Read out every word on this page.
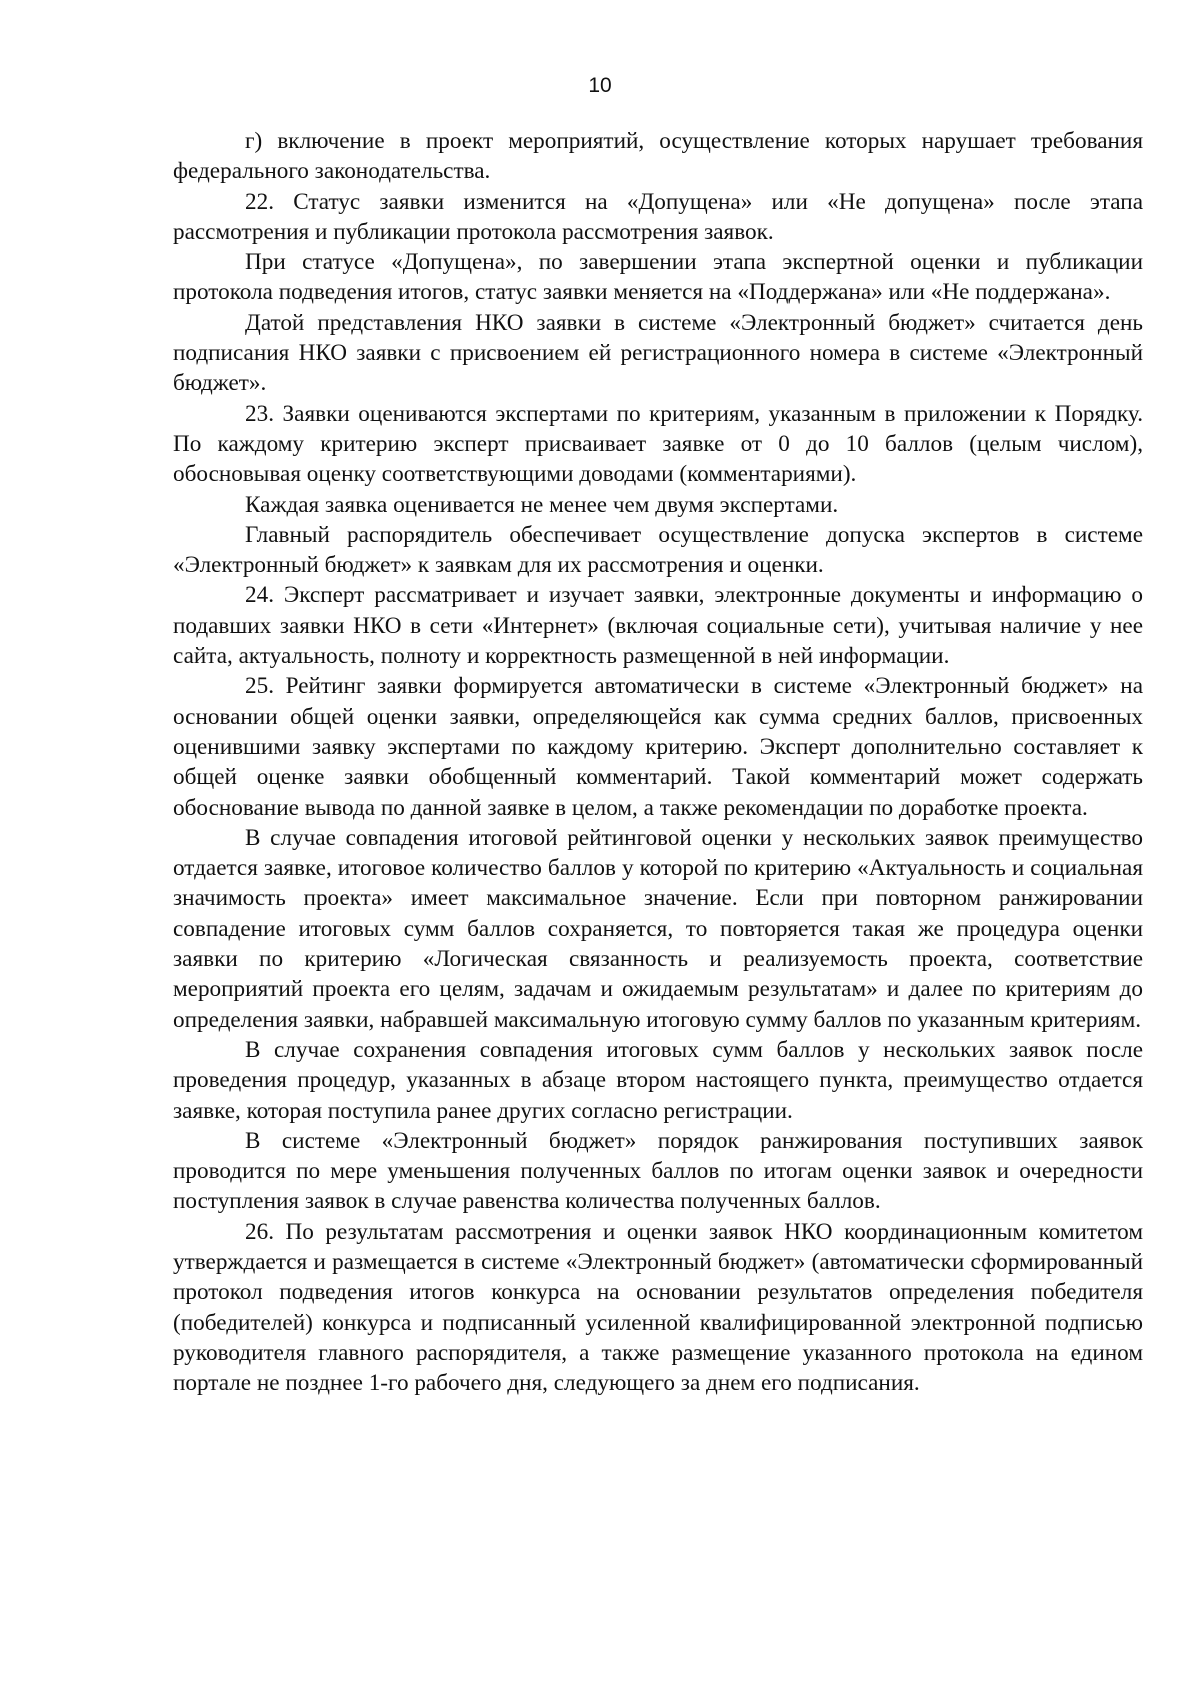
10

г) включение в проект мероприятий, осуществление которых нарушает требования федерального законодательства.

22. Статус заявки изменится на «Допущена» или «Не допущена» после этапа рассмотрения и публикации протокола рассмотрения заявок.

При статусе «Допущена», по завершении этапа экспертной оценки и публикации протокола подведения итогов, статус заявки меняется на «Поддержана» или «Не поддержана».

Датой представления НКО заявки в системе «Электронный бюджет» считается день подписания НКО заявки с присвоением ей регистрационного номера в системе «Электронный бюджет».

23. Заявки оцениваются экспертами по критериям, указанным в приложении к Порядку. По каждому критерию эксперт присваивает заявке от 0 до 10 баллов (целым числом), обосновывая оценку соответствующими доводами (комментариями).

Каждая заявка оценивается не менее чем двумя экспертами.

Главный распорядитель обеспечивает осуществление допуска экспертов в системе «Электронный бюджет» к заявкам для их рассмотрения и оценки.

24. Эксперт рассматривает и изучает заявки, электронные документы и информацию о подавших заявки НКО в сети «Интернет» (включая социальные сети), учитывая наличие у нее сайта, актуальность, полноту и корректность размещенной в ней информации.

25. Рейтинг заявки формируется автоматически в системе «Электронный бюджет» на основании общей оценки заявки, определяющейся как сумма средних баллов, присвоенных оценившими заявку экспертами по каждому критерию. Эксперт дополнительно составляет к общей оценке заявки обобщенный комментарий. Такой комментарий может содержать обоснование вывода по данной заявке в целом, а также рекомендации по доработке проекта.

В случае совпадения итоговой рейтинговой оценки у нескольких заявок преимущество отдается заявке, итоговое количество баллов у которой по критерию «Актуальность и социальная значимость проекта» имеет максимальное значение. Если при повторном ранжировании совпадение итоговых сумм баллов сохраняется, то повторяется такая же процедура оценки заявки по критерию «Логическая связанность и реализуемость проекта, соответствие мероприятий проекта его целям, задачам и ожидаемым результатам» и далее по критериям до определения заявки, набравшей максимальную итоговую сумму баллов по указанным критериям.

В случае сохранения совпадения итоговых сумм баллов у нескольких заявок после проведения процедур, указанных в абзаце втором настоящего пункта, преимущество отдается заявке, которая поступила ранее других согласно регистрации.

В системе «Электронный бюджет» порядок ранжирования поступивших заявок проводится по мере уменьшения полученных баллов по итогам оценки заявок и очередности поступления заявок в случае равенства количества полученных баллов.

26. По результатам рассмотрения и оценки заявок НКО координационным комитетом утверждается и размещается в системе «Электронный бюджет» (автоматически сформированный протокол подведения итогов конкурса на основании результатов определения победителя (победителей) конкурса и подписанный усиленной квалифицированной электронной подписью руководителя главного распорядителя, а также размещение указанного протокола на едином портале не позднее 1-го рабочего дня, следующего за днем его подписания.
